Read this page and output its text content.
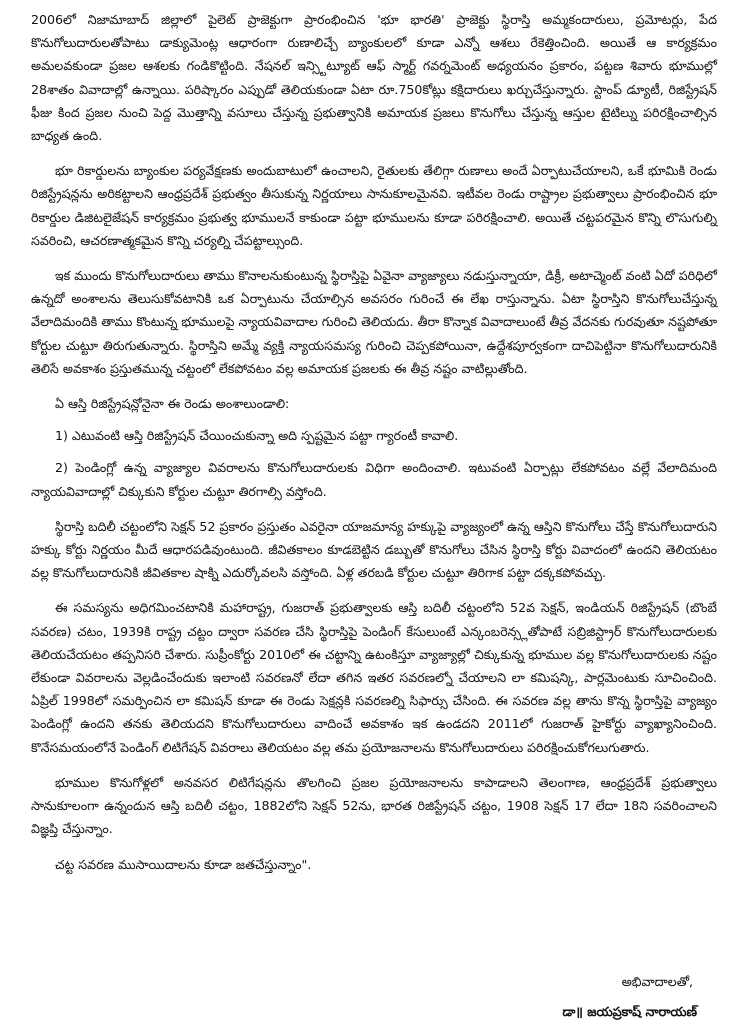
2006లో నిజామాబాద్ జిల్లాలో పైలెట్ ప్రాజెక్టుగా ప్రారంభించిన 'భూ భారతి' ప్రాజెక్టు స్థిరాస్తి అమ్మకందారులు, ప్రమోటర్లు, పేద కొనుగోలుదారులతోపాటు డాక్యుమెంట్ల ఆధారంగా రుణాలిచ్చే బ్యాంకులలో కూడా ఎన్నో ఆశలు రేకెత్తించింది. అయితే ఆ కార్యక్రమం అమలవకుండా ప్రజల ఆశలకు గండికొట్టింది. నేషనల్ ఇన్స్టిట్యూట్ ఆఫ్ స్మార్ట్ గవర్నమెంట్ అధ్యయనం ప్రకారం, పట్టణ శివారు భూముల్లో 28శాతం వివాదాల్లో ఉన్నాయి. పరిష్కారం ఎప్పుడో తెలియకుండా ఏటా రూ.750కోట్లు కక్షిదారులు ఖర్చుచేస్తున్నారు. స్టాంప్ డ్యూటీ, రిజిస్ట్రేషన్ ఫీజు కింద ప్రజల నుంచి పెద్ద మొత్తాన్ని వసూలు చేస్తున్న ప్రభుత్వానికి అమాయక ప్రజలు కొనుగోలు చేస్తున్న ఆస్తుల టైటిల్ను పరిరక్షించాల్సిన బాధ్యత ఉంది.

భూ రికార్డులను బ్యాంకుల పర్యవేక్షణకు అందుబాటులో ఉంచాలని, రైతులకు తేలిగ్గా రుణాలు అందే ఏర్పాటుచేయాలని, ఒకే భూమికి రెండు రిజిస్ట్రేషన్లను అరికట్టాలని ఆంధ్రప్రదేశ్ ప్రభుత్వం తీసుకున్న నిర్ణయాలు సానుకూలమైనవి. ఇటీవల రెండు రాష్ట్రాల ప్రభుత్వాలు ప్రారంభించిన భూ రికార్డుల డిజిటలైజేషన్ కార్యక్రమం ప్రభుత్వ భూములనే కాకుండా పట్టా భూములను కూడా పరిరక్షించాలి. అయితే చట్టపరమైన కొన్ని లొసుగుల్ని సవరించి, ఆచరణాత్మకమైన కొన్ని చర్యల్ని చేపట్టాల్సుంది.

ఇక ముందు కొనుగోలుదారులు తాము కొనాలనుకుంటున్న స్థిరాస్తిపై ఏవైనా వ్యాజ్యాలు నడుస్తున్నాయా, డిక్రీ, అటాచ్మెంట్ వంటి ఏదో పరిధిలో ఉన్నదో అంశాలను తెలుసుకోవటానికి ఒక ఏర్పాటును చేయాల్సిన అవసరం గురించే ఈ లేఖ రాస్తున్నాను. ఏటా స్థిరాస్తిని కొనుగోలుచేస్తున్న వేలాదిమందికి తాము కొంటున్న భూములపై న్యాయవివాదాల గురించి తెలియదు. తీరా కొన్నాక వివాదాలుంటే తీవ్ర వేదనకు గురవుతూ నష్టపోతూ కోర్టుల చుట్టూ తిరుగుతున్నారు. స్థిరాస్తిని అమ్మే వ్యక్తి న్యాయసమస్య గురించి చెప్పకపోయినా, ఉద్దేశపూర్వకంగా దాచిపెట్టినా కొనుగోలుదారునికి తెలిసే అవకాశం ప్రస్తుతమున్న చట్టంలో లేకపోవటం వల్ల అమాయక ప్రజలకు ఈ తీవ్ర నష్టం వాటిల్లుతోంది.

ఏ ఆస్తి రిజిస్ట్రేషన్లోనైనా ఈ రెండు అంశాలుండాలి:

1) ఎటువంటి ఆస్తి రిజిస్ట్రేషన్ చేయించుకున్నా అది స్పష్టమైన పట్టా గ్యారంటీ కావాలి.

2) పెండింగ్లో ఉన్న వ్యాజ్యాల వివరాలను కొనుగోలుదారులకు విధిగా అందించాలి. ఇటువంటి ఏర్పాట్లు లేకపోవటం వల్లే వేలాదిమంది న్యాయవివాదాల్లో చిక్కుకుని కోర్టుల చుట్టూ తిరగాల్సి వస్తోంది.

స్థిరాస్తి బదిలీ చట్టంలోని సెక్షన్ 52 ప్రకారం ప్రస్తుతం ఎవరైనా యాజమాన్య హక్కుపై వ్యాజ్యంలో ఉన్న ఆస్తిని కొనుగోలు చేస్తే కొనుగోలుదారుని హక్కు కోర్టు నిర్ణయం మీదే ఆధారపడివుంటుంది. జీవితకాలం కూడబెట్టిన డబ్బుతో కొనుగోలు చేసిన స్థిరాస్తి కోర్టు వివాదంలో ఉందని తెలియటం వల్ల కొనుగోలుదారునికి జీవితకాల షాక్ని ఎదుర్కోవలసి వస్తోంది. ఏళ్ల తరబడి కోర్టుల చుట్టూ తిరిగాక పట్టా దక్కకపోవచ్చు.

ఈ సమస్యను అధిగమించటానికి మహారాష్ట్ర, గుజరాత్ ప్రభుత్వాలకు ఆస్తి బదిలీ చట్టంలోని 52వ సెక్షన్, ఇండియన్ రిజిస్ట్రేషన్ (బొంబే సవరణ) చటం, 1939కి రాష్ట్ర చట్టం ద్వారా సవరణ చేసి స్థిరాస్తిపై పెండింగ్ కేసులుంటే ఎన్కంబరెన్స్లతోపాటే సబ్రిజిస్ట్రార్ కొనుగోలుదారులకు తెలియచేయటం తప్పనిసరి చేశారు. సుప్రీంకోర్టు 2010లో ఈ చట్టాన్ని ఉటంకిస్తూ వ్యాజ్యాల్లో చిక్కుకున్న భూముల వల్ల కొనుగోలుదారులకు నష్టం లేకుండా వివరాలను వెల్లడించేందుకు ఇలాంటి సవరణనో లేదా తగిన ఇతర సవరణల్నో చేయాలని లా కమిషన్కి, పార్లమెంటుకు సూచించింది. ఏప్రిల్ 1998లో సమర్పించిన లా కమిషన్ కూడా ఈ రెండు సెక్షన్లకి సవరణల్ని సిఫార్సు చేసింది. ఈ సవరణ వల్ల తాను కొన్న స్థిరాస్తిపై వ్యాజ్యం పెండింగ్లో ఉందని తనకు తెలియదని కొనుగోలుదారులు వాదించే అవకాశం ఇక ఉండదని 2011లో గుజరాత్ హైకోర్టు వ్యాఖ్యానించింది. కొనేసమయంలోనే పెండింగ్ లిటిగేషన్ వివరాలు తెలియటం వల్ల తమ ప్రయోజనాలను కొనుగోలుదారులు పరిరక్షించుకోగలుగుతారు.

భూముల కొనుగోళ్లలో అనవసర లిటిగేషన్లను తొలగించి ప్రజల ప్రయోజనాలను కాపాడాలని తెలంగాణ, ఆంధ్రప్రదేశ్ ప్రభుత్వాలు సానుకూలంగా ఉన్నందున ఆస్తి బదిలీ చట్టం, 1882లోని సెక్షన్ 52ను, భారత రిజిస్ట్రేషన్ చట్టం, 1908 సెక్షన్ 17 లేదా 18ని సవరించాలని విజ్ఞప్తి చేస్తున్నాం.

చట్ట సవరణ ముసాయిదాలను కూడా జతచేస్తున్నాం".

అభివాదాలతో,
డా॥ జయప్రకాష్ నారాయణ్
